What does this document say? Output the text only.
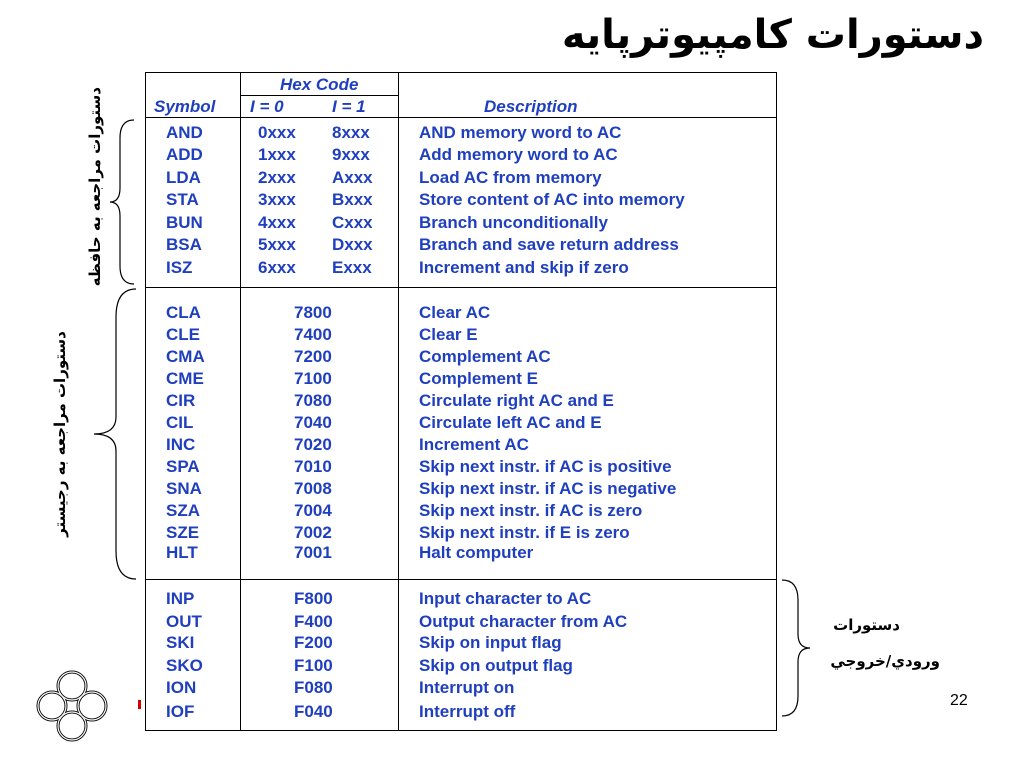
دستورات کامپیوترپایه
دستورات مراجعه به حافظه
دستورات مراجعه به رجیستر
دستورات
ورودي/خروجي
Hex Code
Symbol I = 0	I = 1	Description
AND	0xxx 8xxx	AND memory word to AC
ADD	1xxx 9xxx	Add memory word to AC
LDA	2xxx Axxx	Load AC from memory
STA	3xxx Bxxx	Store content of AC into memory
BUN	4xxx Cxxx	Branch unconditionally
BSA	5xxx Dxxx	Branch and save return address
ISZ	6xxx Exxx	Increment and skip if zero
CLA	7800	Clear AC
CLE	7400	Clear E
CMA	7200	Complement AC
CME	7100	Complement E
CIR	7080	Circulate right AC and E
CIL	7040	Circulate left AC and E
INC	7020	Increment AC
SPA	7010	Skip next instr. if AC is positive
SNA	7008	Skip next instr. if AC is negative
SZA	7004	Skip next instr. if AC is zero
SZE	7002	Skip next instr. if E is zero
HLT	7001	Halt computer
INP	F800	Input character to AC
OUT	F400	Output character from AC
SKI	F200	Skip on input flag
SKO	F100	Skip on output flag
ION	F080	Interrupt on
IOF	F040	Interrupt off
22
